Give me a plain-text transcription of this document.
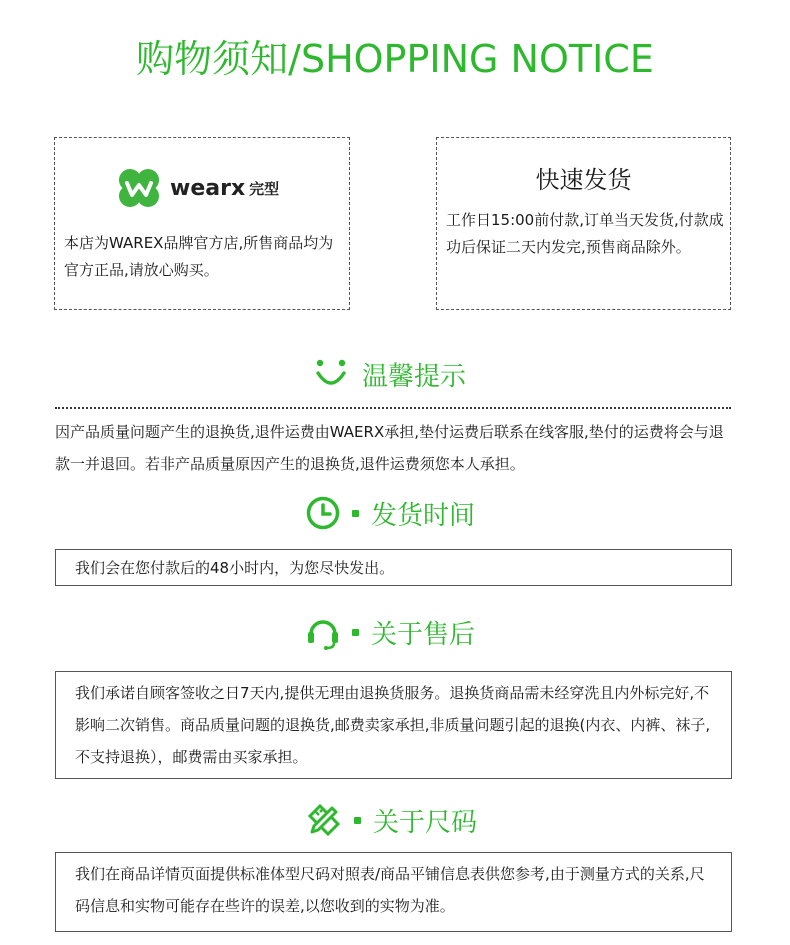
购物须知/SHOPPING NOTICE
wearx 完型
本店为WAREX品牌官方店,所售商品均为官方正品,请放心购买。
快速发货
工作日15:00前付款,订单当天发货,付款成功后保证二天内发完,预售商品除外。
温馨提示
因产品质量问题产生的退换货,退件运费由WAERX承担,垫付运费后联系在线客服,垫付的运费将会与退款一并退回。若非产品质量原因产生的退换货,退件运费须您本人承担。
发货时间
我们会在您付款后的48小时内，为您尽快发出。
关于售后
我们承诺自顾客签收之日7天内,提供无理由退换货服务。退换货商品需未经穿洗且内外标完好,不影响二次销售。商品质量问题的退换货,邮费卖家承担,非质量问题引起的退换(内衣、内裤、袜子,不支持退换），邮费需由买家承担。
关于尺码
我们在商品详情页面提供标准体型尺码对照表/商品平铺信息表供您参考,由于测量方式的关系,尺码信息和实物可能存在些许的误差,以您收到的实物为准。
